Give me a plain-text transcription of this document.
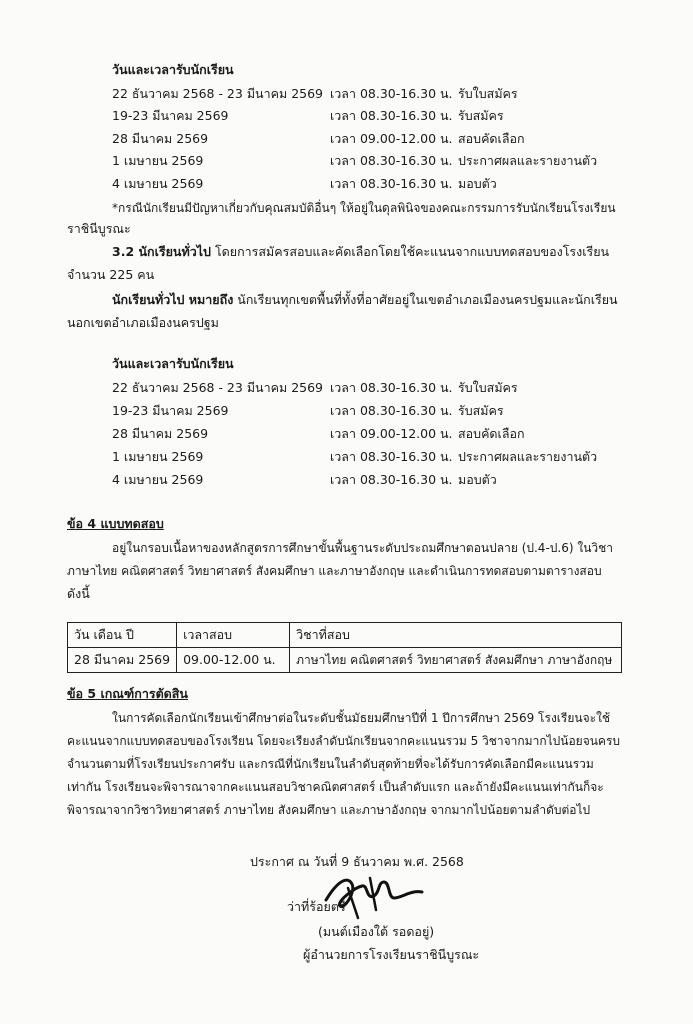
วันและเวลารับนักเรียน
22 ธันวาคม 2568 - 23 มีนาคม 2569 เวลา 08.30-16.30 น. รับใบสมัคร
19-23 มีนาคม 2569	เวลา 08.30-16.30 น. รับสมัคร
28 มีนาคม 2569	เวลา 09.00-12.00 น. สอบคัดเลือก
1 เมษายน 2569	เวลา 08.30-16.30 น. ประกาศผลและรายงานตัว
4 เมษายน 2569	เวลา 08.30-16.30 น. มอบตัว
*กรณีนักเรียนมีปัญหาเกี่ยวกับคุณสมบัติอื่นๆ ให้อยู่ในดุลพินิจของคณะกรรมการรับนักเรียนโรงเรียน
ราชินีบูรณะ
3.2 นักเรียนทั่วไป โดยการสมัครสอบและคัดเลือกโดยใช้คะแนนจากแบบทดสอบของโรงเรียน
จำนวน 225 คน
นักเรียนทั่วไป หมายถึง นักเรียนทุกเขตพื้นที่ทั้งที่อาศัยอยู่ในเขตอำเภอเมืองนครปฐมและนักเรียน
นอกเขตอำเภอเมืองนครปฐม
วันและเวลารับนักเรียน
22 ธันวาคม 2568 - 23 มีนาคม 2569 เวลา 08.30-16.30 น. รับใบสมัคร
19-23 มีนาคม 2569	เวลา 08.30-16.30 น. รับสมัคร
28 มีนาคม 2569	เวลา 09.00-12.00 น. สอบคัดเลือก
1 เมษายน 2569	เวลา 08.30-16.30 น. ประกาศผลและรายงานตัว
4 เมษายน 2569	เวลา 08.30-16.30 น. มอบตัว
ข้อ 4 แบบทดสอบ
อยู่ในกรอบเนื้อหาของหลักสูตรการศึกษาขั้นพื้นฐานระดับประถมศึกษาตอนปลาย (ป.4-ป.6) ในวิชา
ภาษาไทย คณิตศาสตร์ วิทยาศาสตร์ สังคมศึกษา และภาษาอังกฤษ และดำเนินการทดสอบตามตารางสอบ
ดังนี้
วัน เดือน ปี	เวลาสอบ	วิชาที่สอบ
28 มีนาคม 2569	09.00-12.00 น.	ภาษาไทย คณิตศาสตร์ วิทยาศาสตร์ สังคมศึกษา ภาษาอังกฤษ
ข้อ 5 เกณฑ์การตัดสิน
ในการคัดเลือกนักเรียนเข้าศึกษาต่อในระดับชั้นมัธยมศึกษาปีที่ 1 ปีการศึกษา 2569 โรงเรียนจะใช้
คะแนนจากแบบทดสอบของโรงเรียน โดยจะเรียงลำดับนักเรียนจากคะแนนรวม 5 วิชาจากมากไปน้อยจนครบ
จำนวนตามที่โรงเรียนประกาศรับ และกรณีที่นักเรียนในลำดับสุดท้ายที่จะได้รับการคัดเลือกมีคะแนนรวม
เท่ากัน โรงเรียนจะพิจารณาจากคะแนนสอบวิชาคณิตศาสตร์ เป็นลำดับแรก และถ้ายังมีคะแนนเท่ากันก็จะ
พิจารณาจากวิชาวิทยาศาสตร์ ภาษาไทย สังคมศึกษา และภาษาอังกฤษ จากมากไปน้อยตามลำดับต่อไป
ประกาศ ณ วันที่ 9 ธันวาคม พ.ศ. 2568
ว่าที่ร้อยตรี
(มนต์เมืองใต้ รอดอยู่)
ผู้อำนวยการโรงเรียนราชินีบูรณะ
